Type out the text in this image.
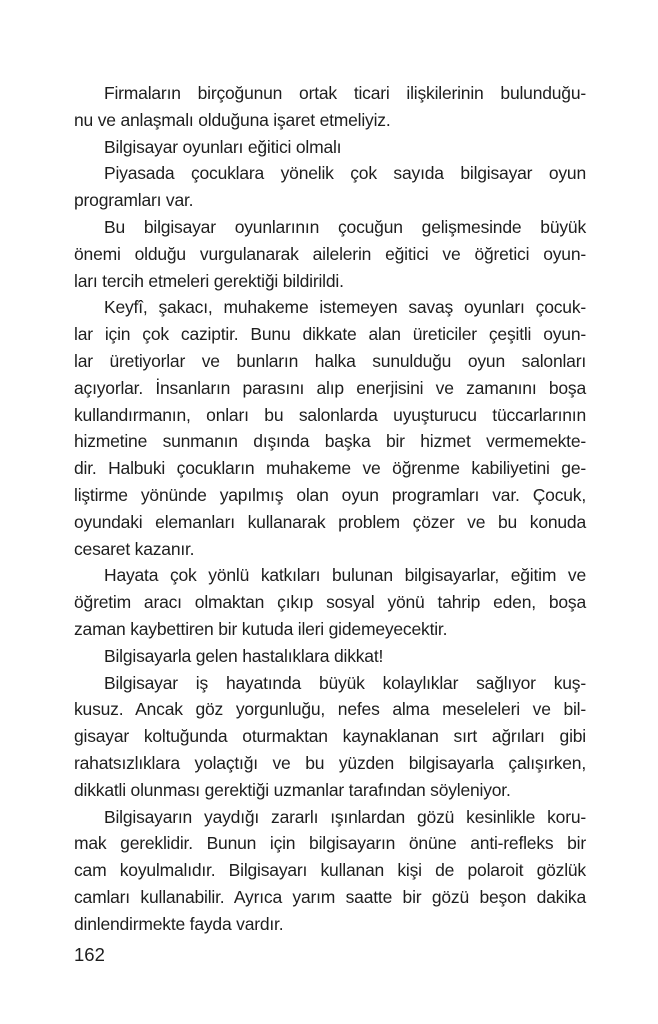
Firmaların birçoğunun ortak ticari ilişkilerinin bulunduğu-
nu ve anlaşmalı olduğuna işaret etmeliyiz.
Bilgisayar oyunları eğitici olmalı
Piyasada çocuklara yönelik çok sayıda bilgisayar oyun
programları var.
Bu bilgisayar oyunlarının çocuğun gelişmesinde büyük
önemi olduğu vurgulanarak ailelerin eğitici ve öğretici oyun-
ları tercih etmeleri gerektiği bildirildi.
Keyfî, şakacı, muhakeme istemeyen savaş oyunları çocuk-
lar için çok caziptir. Bunu dikkate alan üreticiler çeşitli oyun-
lar üretiyorlar ve bunların halka sunulduğu oyun salonları
açıyorlar. İnsanların parasını alıp enerjisini ve zamanını boşa
kullandırmanın, onları bu salonlarda uyuşturucu tüccarlarının
hizmetine sunmanın dışında başka bir hizmet vermemekte-
dir. Halbuki çocukların muhakeme ve öğrenme kabiliyetini ge-
liştirme yönünde yapılmış olan oyun programları var. Çocuk,
oyundaki elemanları kullanarak problem çözer ve bu konuda
cesaret kazanır.
Hayata çok yönlü katkıları bulunan bilgisayarlar, eğitim ve
öğretim aracı olmaktan çıkıp sosyal yönü tahrip eden, boşa
zaman kaybettiren bir kutuda ileri gidemeyecektir.
Bilgisayarla gelen hastalıklara dikkat!
Bilgisayar iş hayatında büyük kolaylıklar sağlıyor kuş-
kusuz. Ancak göz yorgunluğu, nefes alma meseleleri ve bil-
gisayar koltuğunda oturmaktan kaynaklanan sırt ağrıları gibi
rahatsızlıklara yolaçtığı ve bu yüzden bilgisayarla çalışırken,
dikkatli olunması gerektiği uzmanlar tarafından söyleniyor.
Bilgisayarın yaydığı zararlı ışınlardan gözü kesinlikle koru-
mak gereklidir. Bunun için bilgisayarın önüne anti-refleks bir
cam koyulmalıdır. Bilgisayarı kullanan kişi de polaroit gözlük
camları kullanabilir. Ayrıca yarım saatte bir gözü beşon dakika
dinlendirmekte fayda vardır.
162
